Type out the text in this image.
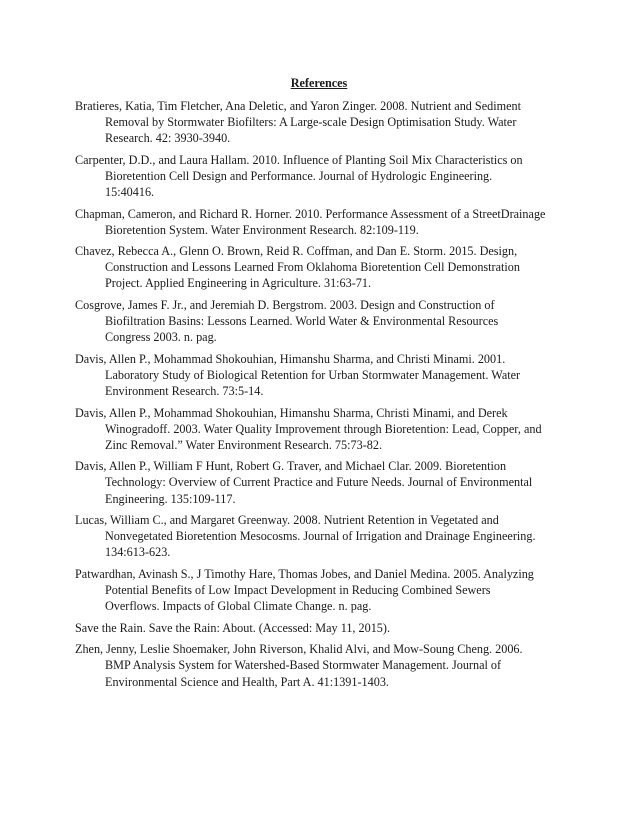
References
Bratieres, Katia, Tim Fletcher, Ana Deletic, and Yaron Zinger. 2008. Nutrient and Sediment
Removal by Stormwater Biofilters: A Large-scale Design Optimisation Study. Water
Research. 42: 3930-3940.
Carpenter, D.D., and Laura Hallam. 2010. Influence of Planting Soil Mix Characteristics on
Bioretention Cell Design and Performance. Journal of Hydrologic Engineering.
15:40416.
Chapman, Cameron, and Richard R. Horner. 2010. Performance Assessment of a StreetDrainage
Bioretention System. Water Environment Research. 82:109-119.
Chavez, Rebecca A., Glenn O. Brown, Reid R. Coffman, and Dan E. Storm. 2015. Design,
Construction and Lessons Learned From Oklahoma Bioretention Cell Demonstration
Project. Applied Engineering in Agriculture. 31:63-71.
Cosgrove, James F. Jr., and Jeremiah D. Bergstrom. 2003. Design and Construction of
Biofiltration Basins: Lessons Learned. World Water & Environmental Resources
Congress 2003. n. pag.
Davis, Allen P., Mohammad Shokouhian, Himanshu Sharma, and Christi Minami. 2001.
Laboratory Study of Biological Retention for Urban Stormwater Management. Water
Environment Research. 73:5-14.
Davis, Allen P., Mohammad Shokouhian, Himanshu Sharma, Christi Minami, and Derek
Winogradoff. 2003. Water Quality Improvement through Bioretention: Lead, Copper, and
Zinc Removal.” Water Environment Research. 75:73-82.
Davis, Allen P., William F Hunt, Robert G. Traver, and Michael Clar. 2009. Bioretention
Technology: Overview of Current Practice and Future Needs. Journal of Environmental
Engineering. 135:109-117.
Lucas, William C., and Margaret Greenway. 2008. Nutrient Retention in Vegetated and
Nonvegetated Bioretention Mesocosms. Journal of Irrigation and Drainage Engineering.
134:613-623.
Patwardhan, Avinash S., J Timothy Hare, Thomas Jobes, and Daniel Medina. 2005. Analyzing
Potential Benefits of Low Impact Development in Reducing Combined Sewers
Overflows. Impacts of Global Climate Change. n. pag.
Save the Rain. Save the Rain: About. (Accessed: May 11, 2015).
Zhen, Jenny, Leslie Shoemaker, John Riverson, Khalid Alvi, and Mow-Soung Cheng. 2006.
BMP Analysis System for Watershed-Based Stormwater Management. Journal of
Environmental Science and Health, Part A. 41:1391-1403.
